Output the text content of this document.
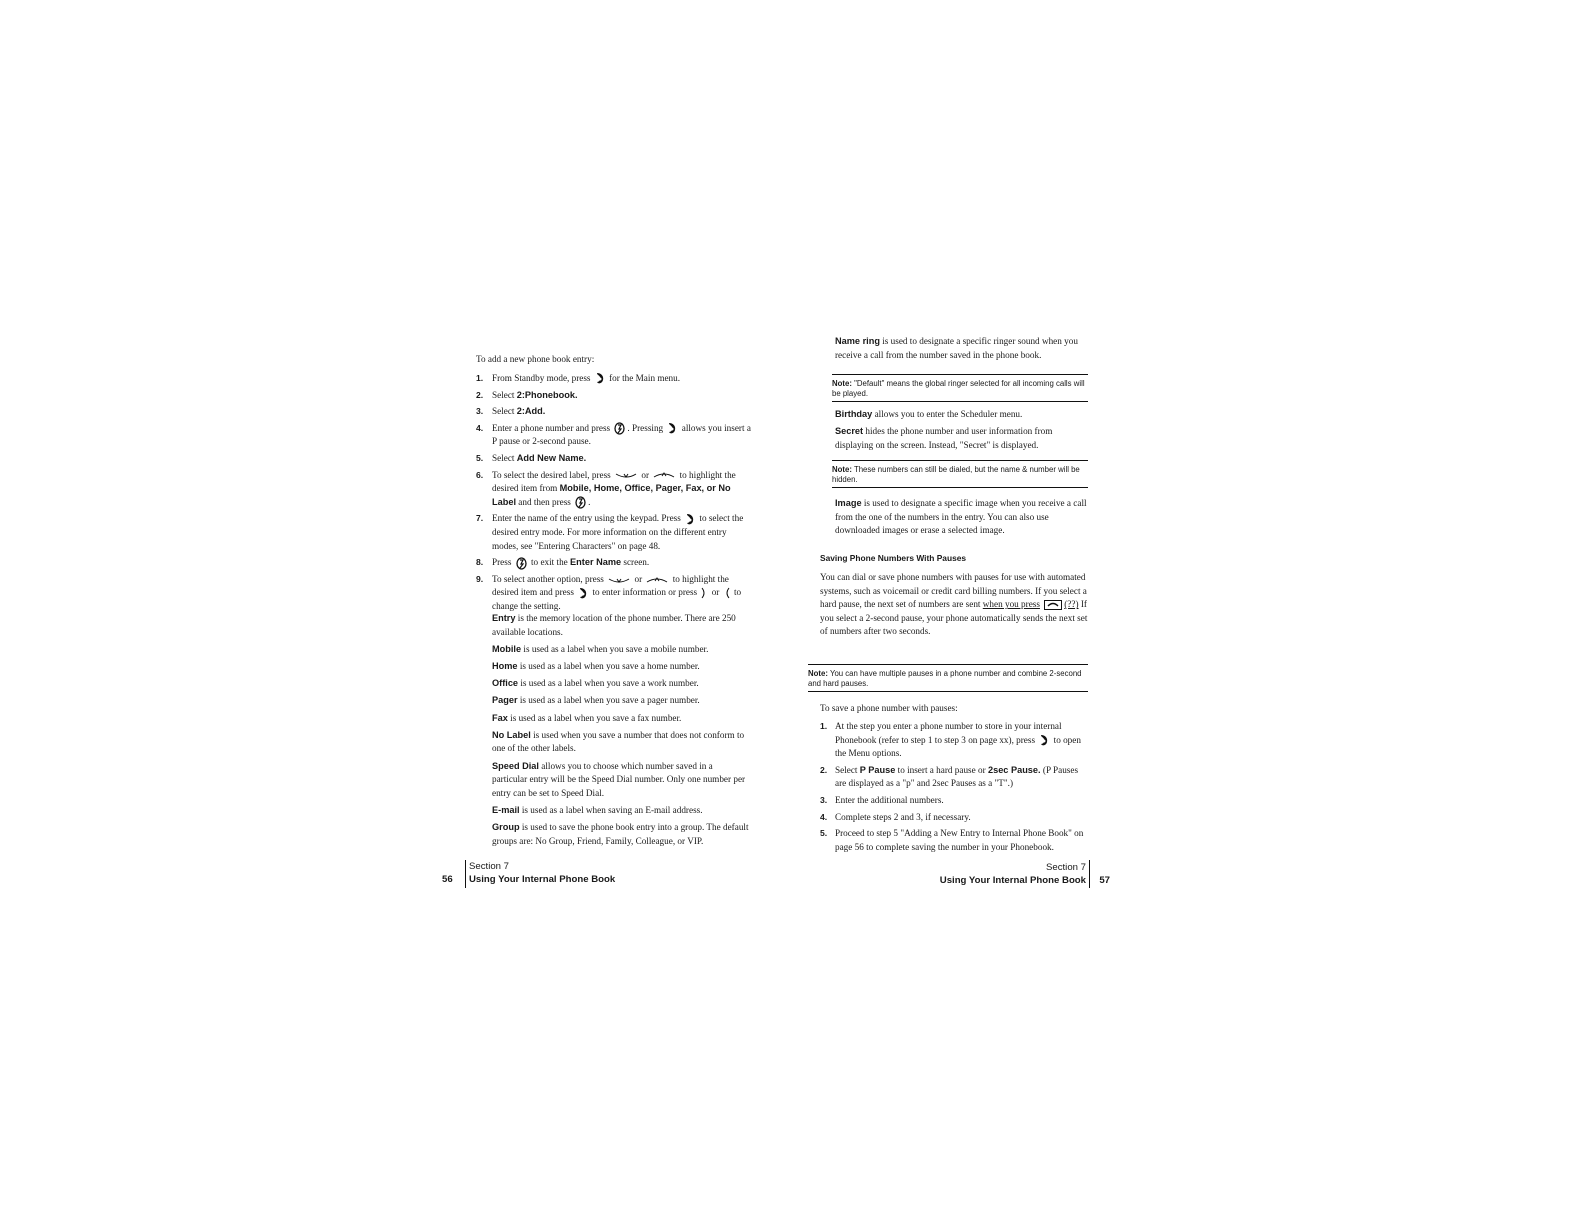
To add a new phone book entry:
1. From Standby mode, press for the Main menu.
2. Select 2:Phonebook.
3. Select 2:Add.
4. Enter a phone number and press . Pressing allows you insert a P pause or 2-second pause.
5. Select Add New Name.
6. To select the desired label, press	or	to highlight the desired item from Mobile, Home, Office, Pager, Fax, or No Label and then press .
7. Enter the name of the entry using the keypad. Press to select the desired entry mode. For more information on the different entry modes, see "Entering Characters" on page 48.
8. Press to exit the Enter Name screen.
9. To select another option, press	or	to highlight the desired item and press to enter information or press or to change the setting.

Entry is the memory location of the phone number. There are 250 available locations.

Mobile is used as a label when you save a mobile number.

Home is used as a label when you save a home number.

Office is used as a label when you save a work number.

Pager is used as a label when you save a pager number.

Fax is used as a label when you save a fax number.

No Label is used when you save a number that does not conform to one of the other labels.

Speed Dial allows you to choose which number saved in a particular entry will be the Speed Dial number. Only one number per entry can be set to Speed Dial.

E-mail is used as a label when saving an E-mail address.

Group is used to save the phone book entry into a group. The default groups are: No Group, Friend, Family, Colleague, or VIP.

56
Section 7
Using Your Internal Phone Book

Name ring is used to designate a specific ringer sound when you receive a call from the number saved in the phone book.

Note: "Default" means the global ringer selected for all incoming calls will be played.

Birthday allows you to enter the Scheduler menu.

Secret hides the phone number and user information from displaying on the screen. Instead, "Secret" is displayed.

Note: These numbers can still be dialed, but the name & number will be hidden.

Image is used to designate a specific image when you receive a call from the one of the numbers in the entry. You can also use downloaded images or erase a selected image.

Saving Phone Numbers With Pauses

You can dial or save phone numbers with pauses for use with automated systems, such as voicemail or credit card billing numbers. If you select a hard pause, the next set of numbers are sent when you press	(??) If you select a 2-second pause, your phone automatically sends the next set of numbers after two seconds.

Note: You can have multiple pauses in a phone number and combine 2-second and hard pauses.
To save a phone number with pauses:
1. At the step you enter a phone number to store in your internal Phonebook (refer to step 1 to step 3 on page xx), press to open the Menu options.
2. Select P Pause to insert a hard pause or 2sec Pause. (P Pauses are displayed as a "p" and 2sec Pauses as a "T".)
3. Enter the additional numbers.
4. Complete steps 2 and 3, if necessary.
5. Proceed to step 5 "Adding a New Entry to Internal Phone Book" on page 56 to complete saving the number in your Phonebook.
Section 7
Using Your Internal Phone Book 57
